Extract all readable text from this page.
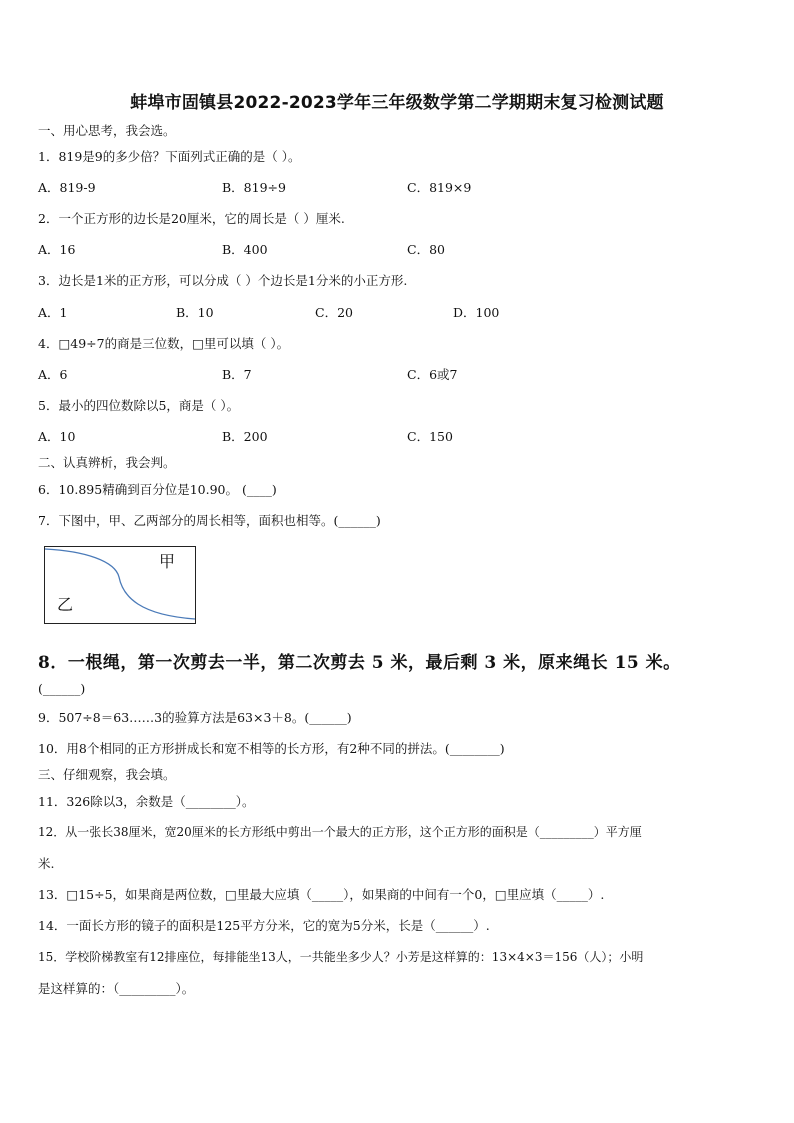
蚌埠市固镇县2022-2023学年三年级数学第二学期期末复习检测试题
一、用心思考，我会选。
1．819是9的多少倍？下面列式正确的是（ ）。
A．819-9	B．819÷9	C．819×9
2．一个正方形的边长是20厘米，它的周长是（ ）厘米.
A．16	B．400	C．80
3．边长是1米的正方形，可以分成（ ）个边长是1分米的小正方形.
A．1	B．10	C．20	D．100
4．□49÷7的商是三位数，□里可以填（ ）。
A．6	B．7	C．6或7
5．最小的四位数除以5，商是（ ）。
A．10	B．200	C．150
二、认真辨析，我会判。
6．10.895精确到百分位是10.90。 (____)
7．下图中，甲、乙两部分的周长相等，面积也相等。(______)
甲
乙
8．一根绳，第一次剪去一半，第二次剪去 5 米，最后剩 3 米，原来绳长 15 米。
(______)
9．507÷8＝63……3的验算方法是63×3＋8。(______)
10．用8个相同的正方形拼成长和宽不相等的长方形，有2种不同的拼法。(________)
三、仔细观察，我会填。
11．326除以3，余数是（________）。
12．从一张长38厘米，宽20厘米的长方形纸中剪出一个最大的正方形，这个正方形的面积是（_________）平方厘
米.
13．□15÷5，如果商是两位数，□里最大应填（_____），如果商的中间有一个0，□里应填（_____）.
14．一面长方形的镜子的面积是125平方分米，它的宽为5分米，长是（______）.
15．学校阶梯教室有12排座位，每排能坐13人，一共能坐多少人？小芳是这样算的：13×4×3＝156（人）；小明
是这样算的：（_________）。
